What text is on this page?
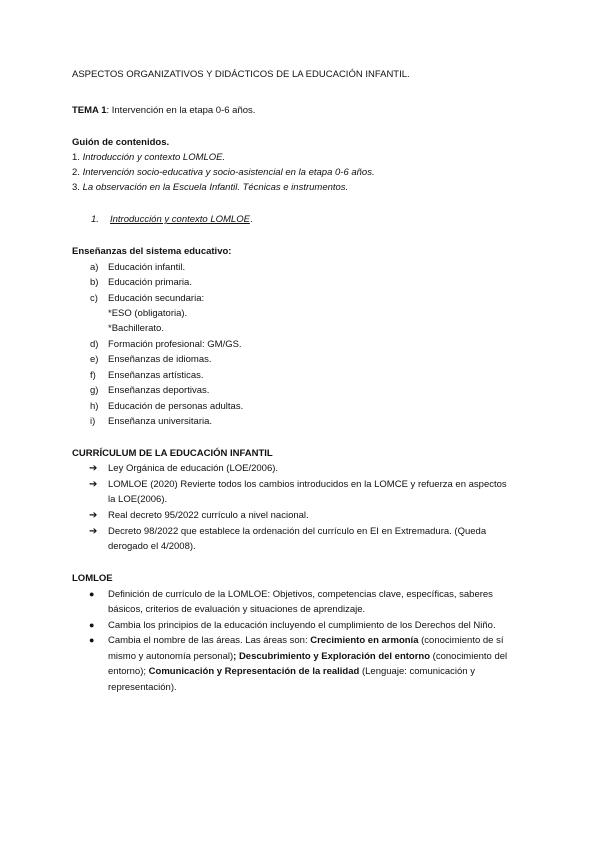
ASPECTOS ORGANIZATIVOS Y DIDÁCTICOS DE LA EDUCACIÓN INFANTIL.
TEMA 1: Intervención en la etapa 0-6 años.
Guión de contenidos.
1. Introducción y contexto LOMLOE.
2. Intervención socio-educativa y socio-asistencial en la etapa 0-6 años.
3. La observación en la Escuela Infantil. Técnicas e instrumentos.
1. Introducción y contexto LOMLOE.
Enseñanzas del sistema educativo:
a) Educación infantil.
b) Educación primaria.
c) Educación secundaria:
*ESO (obligatoria).
*Bachillerato.
d) Formación profesional: GM/GS.
e) Enseñanzas de idiomas.
f) Enseñanzas artísticas.
g) Enseñanzas deportivas.
h) Educación de personas adultas.
i) Enseñanza universitaria.
CURRÍCULUM DE LA EDUCACIÓN INFANTIL
➔ Ley Orgánica de educación (LOE/2006).
➔ LOMLOE (2020) Revierte todos los cambios introducidos en la LOMCE y refuerza en aspectos
la LOE(2006).
➔ Real decreto 95/2022 currículo a nivel nacional.
➔ Decreto 98/2022 que establece la ordenación del currículo en EI en Extremadura. (Queda
derogado el 4/2008).
LOMLOE
● Definición de currículo de la LOMLOE: Objetivos, competencias clave, específicas, saberes
básicos, criterios de evaluación y situaciones de aprendizaje.
● Cambia los principios de la educación incluyendo el cumplimiento de los Derechos del Niño.
● Cambia el nombre de las áreas. Las áreas son: Crecimiento en armonía (conocimiento de sí
mismo y autonomía personal); Descubrimiento y Exploración del entorno (conocimiento del
entorno); Comunicación y Representación de la realidad (Lenguaje: comunicación y
representación).
